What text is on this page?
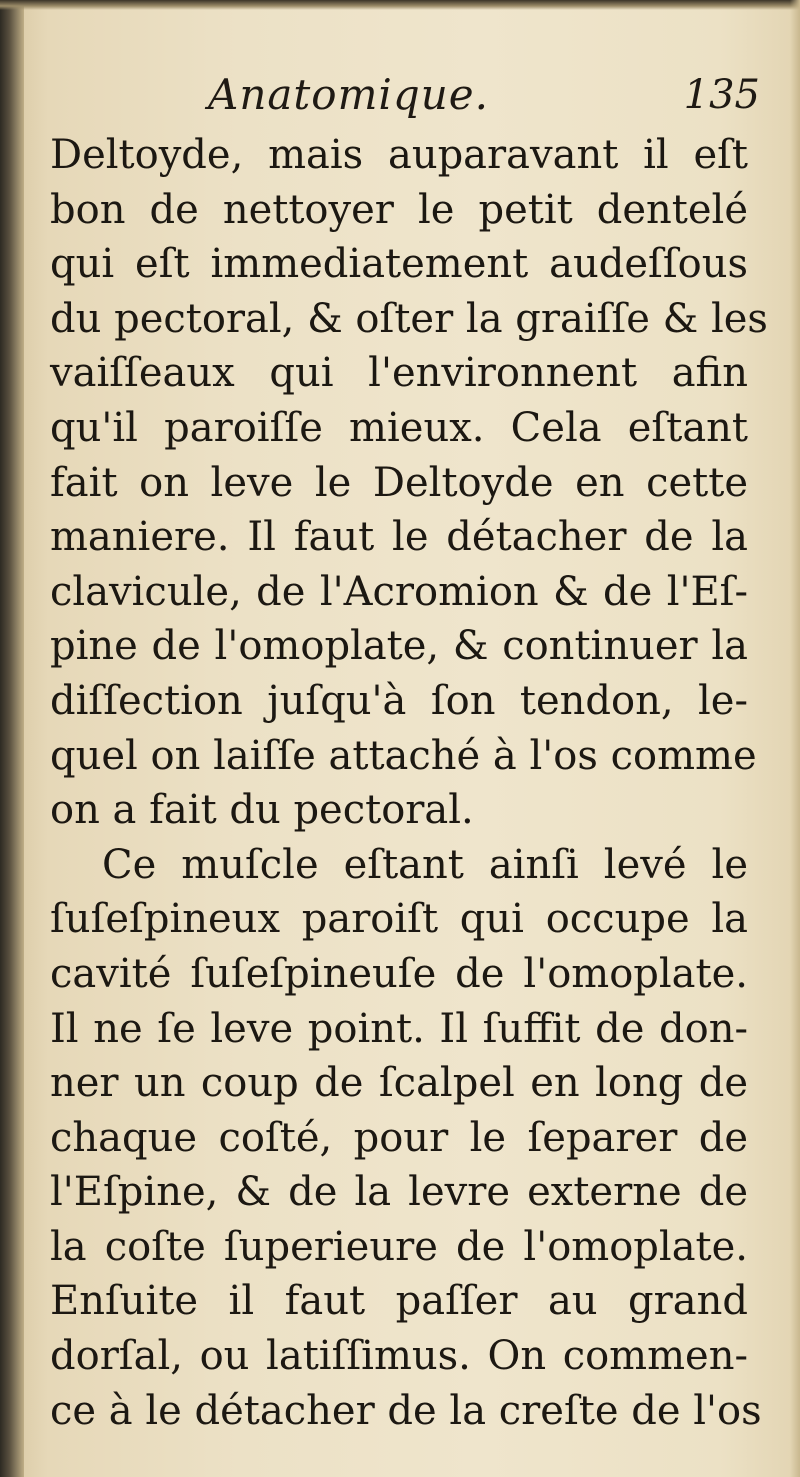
Anatomique.	135
Deltoyde, mais auparavant il eſt
bon de nettoyer le petit dentelé
qui eſt immediatement audeſſous
du pectoral, & oſter la graiſſe & les
vaiſſeaux qui l'environnent afin
qu'il paroiſſe mieux. Cela eſtant
fait on leve le Deltoyde en cette
maniere. Il faut le détacher de la
clavicule, de l'Acromion & de l'Eſ-
pine de l'omoplate, & continuer la
diſſection juſqu'à ſon tendon, le-
quel on laiſſe attaché à l'os comme
on a fait du pectoral.
Ce muſcle eſtant ainſi levé le
ſuſeſpineux paroiſt qui occupe la
cavité ſuſeſpineuſe de l'omoplate.
Il ne ſe leve point. Il ſuffit de don-
ner un coup de ſcalpel en long de
chaque coſté, pour le ſeparer de
l'Eſpine, & de la levre externe de
la coſte ſuperieure de l'omoplate.
Enſuite il faut paſſer au grand
dorſal, ou latiſſimus. On commen-
ce à le détacher de la creſte de l'os
